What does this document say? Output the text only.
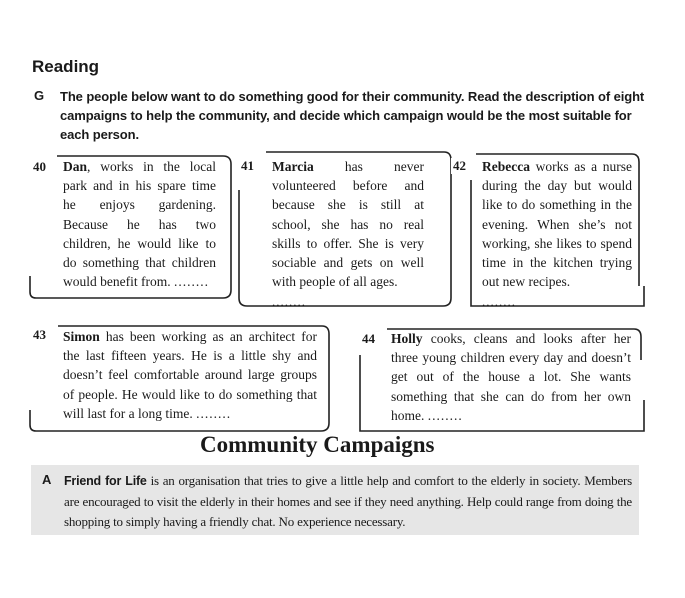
Reading
G The people below want to do something good for their community. Read the description of eight campaigns to help the community, and decide which campaign would be the most suitable for each person.
40 Dan, works in the local park and in his spare time he enjoys gardening. Because he has two children, he would like to do something that children would benefit from. ........
41 Marcia has never volunteered before and because she is still at school, she has no real skills to offer. She is very sociable and gets on well with people of all ages.
........
42 Rebecca works as a nurse during the day but would like to do something in the evening. When she’s not working, she likes to spend time in the kitchen trying out new recipes.
........
43 Simon has been working as an architect for the last fifteen years. He is a little shy and doesn’t feel comfortable around large groups of people. He would like to do something that will last for a long time. ........
44 Holly cooks, cleans and looks after her three young children every day and doesn’t get out of the house a lot. She wants something that she can do from her own home. ........
Community Campaigns
A Friend for Life is an organisation that tries to give a little help and comfort to the elderly in society. Members are encouraged to visit the elderly in their homes and see if they need anything. Help could range from doing the shopping to simply having a friendly chat. No experience necessary.
